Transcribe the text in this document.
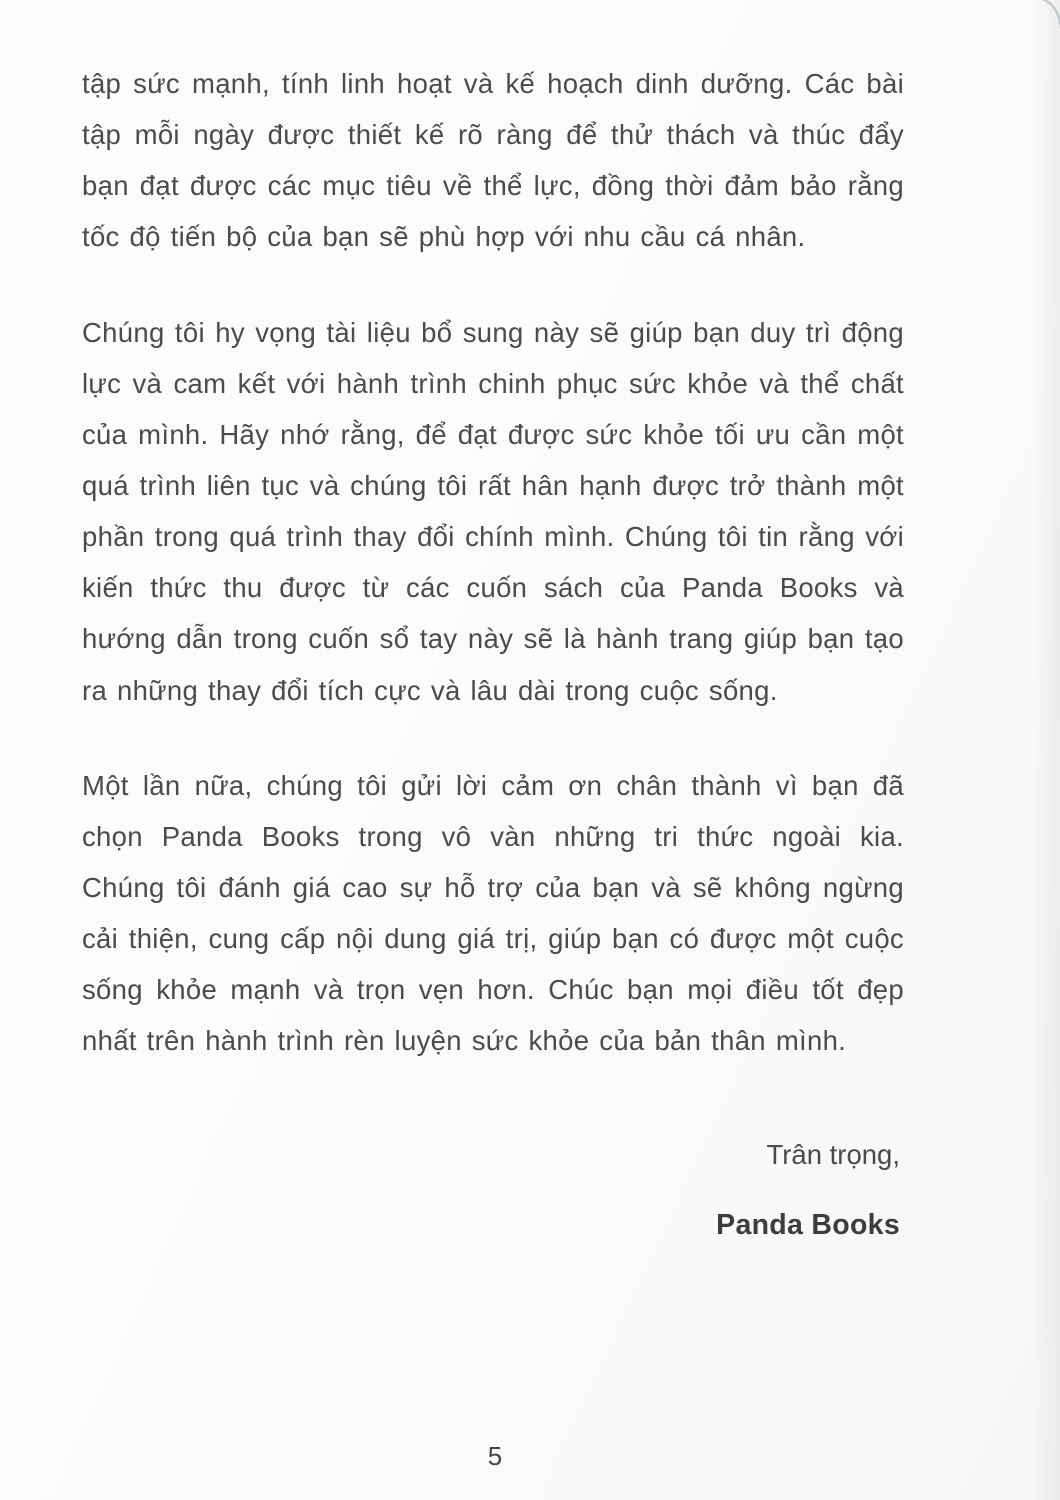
tập sức mạnh, tính linh hoạt và kế hoạch dinh dưỡng. Các bài tập mỗi ngày được thiết kế rõ ràng để thử thách và thúc đẩy bạn đạt được các mục tiêu về thể lực, đồng thời đảm bảo rằng tốc độ tiến bộ của bạn sẽ phù hợp với nhu cầu cá nhân.

Chúng tôi hy vọng tài liệu bổ sung này sẽ giúp bạn duy trì động lực và cam kết với hành trình chinh phục sức khỏe và thể chất của mình. Hãy nhớ rằng, để đạt được sức khỏe tối ưu cần một quá trình liên tục và chúng tôi rất hân hạnh được trở thành một phần trong quá trình thay đổi chính mình. Chúng tôi tin rằng với kiến thức thu được từ các cuốn sách của Panda Books và hướng dẫn trong cuốn sổ tay này sẽ là hành trang giúp bạn tạo ra những thay đổi tích cực và lâu dài trong cuộc sống.

Một lần nữa, chúng tôi gửi lời cảm ơn chân thành vì bạn đã chọn Panda Books trong vô vàn những tri thức ngoài kia. Chúng tôi đánh giá cao sự hỗ trợ của bạn và sẽ không ngừng cải thiện, cung cấp nội dung giá trị, giúp bạn có được một cuộc sống khỏe mạnh và trọn vẹn hơn. Chúc bạn mọi điều tốt đẹp nhất trên hành trình rèn luyện sức khỏe của bản thân mình.

Trân trọng,
Panda Books
5
